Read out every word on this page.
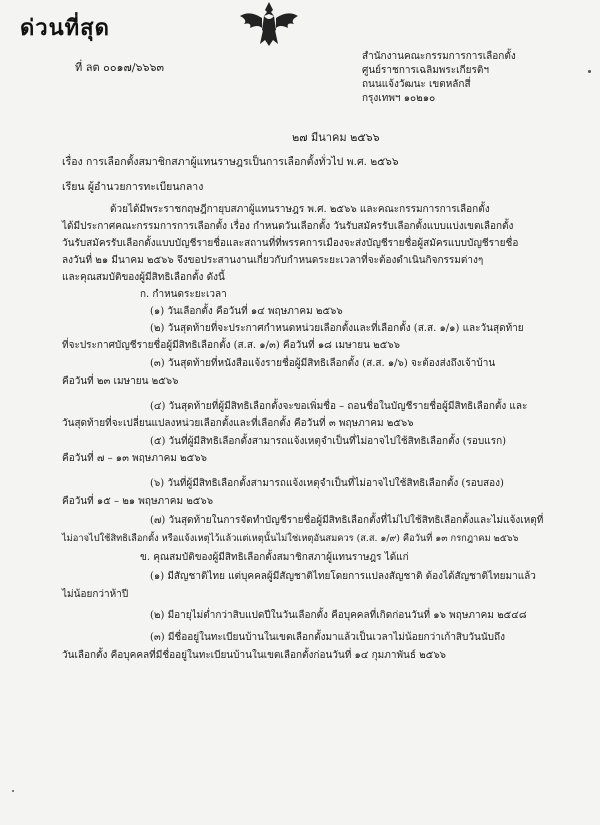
ด่วนที่สุด
ที่ ลต ๐๐๑๗/๖๖๖๓
สำนักงานคณะกรรมการการเลือกตั้ง
ศูนย์ราชการเฉลิมพระเกียรติฯ
ถนนแจ้งวัฒนะ เขตหลักสี่
กรุงเทพฯ ๑๐๒๑๐
๒๗ มีนาคม ๒๕๖๖
เรื่อง การเลือกตั้งสมาชิกสภาผู้แทนราษฎรเป็นการเลือกตั้งทั่วไป พ.ศ. ๒๕๖๖
เรียน ผู้อำนวยการทะเบียนกลาง
ด้วยได้มีพระราชกฤษฎีกายุบสภาผู้แทนราษฎร พ.ศ. ๒๕๖๖ และคณะกรรมการการเลือกตั้ง
ได้มีประกาศคณะกรรมการการเลือกตั้ง เรื่อง กำหนดวันเลือกตั้ง วันรับสมัครรับเลือกตั้งแบบแบ่งเขตเลือกตั้ง
วันรับสมัครรับเลือกตั้งแบบบัญชีรายชื่อและสถานที่ที่พรรคการเมืองจะส่งบัญชีรายชื่อผู้สมัครแบบบัญชีรายชื่อ
ลงวันที่ ๒๑ มีนาคม ๒๕๖๖ จึงขอประสานงานเกี่ยวกับกำหนดระยะเวลาที่จะต้องดำเนินกิจกรรมต่างๆ
และคุณสมบัติของผู้มีสิทธิเลือกตั้ง ดังนี้
ก. กำหนดระยะเวลา
(๑) วันเลือกตั้ง คือวันที่ ๑๔ พฤษภาคม ๒๕๖๖
(๒) วันสุดท้ายที่จะประกาศกำหนดหน่วยเลือกตั้งและที่เลือกตั้ง (ส.ส. ๑/๑) และวันสุดท้าย
ที่จะประกาศบัญชีรายชื่อผู้มีสิทธิเลือกตั้ง (ส.ส. ๑/๓) คือวันที่ ๑๘ เมษายน ๒๕๖๖
(๓) วันสุดท้ายที่หนังสือแจ้งรายชื่อผู้มีสิทธิเลือกตั้ง (ส.ส. ๑/๖) จะต้องส่งถึงเจ้าบ้าน
คือวันที่ ๒๓ เมษายน ๒๕๖๖
(๔) วันสุดท้ายที่ผู้มีสิทธิเลือกตั้งจะขอเพิ่มชื่อ – ถอนชื่อในบัญชีรายชื่อผู้มีสิทธิเลือกตั้ง และ
วันสุดท้ายที่จะเปลี่ยนแปลงหน่วยเลือกตั้งและที่เลือกตั้ง คือวันที่ ๓ พฤษภาคม ๒๕๖๖
(๕) วันที่ผู้มีสิทธิเลือกตั้งสามารถแจ้งเหตุจำเป็นที่ไม่อาจไปใช้สิทธิเลือกตั้ง (รอบแรก)
คือวันที่ ๗ – ๑๓ พฤษภาคม ๒๕๖๖
(๖) วันที่ผู้มีสิทธิเลือกตั้งสามารถแจ้งเหตุจำเป็นที่ไม่อาจไปใช้สิทธิเลือกตั้ง (รอบสอง)
คือวันที่ ๑๕ – ๒๑ พฤษภาคม ๒๕๖๖
(๗) วันสุดท้ายในการจัดทำบัญชีรายชื่อผู้มีสิทธิเลือกตั้งที่ไม่ไปใช้สิทธิเลือกตั้งและไม่แจ้งเหตุที่
ไม่อาจไปใช้สิทธิเลือกตั้ง หรือแจ้งเหตุไว้แล้วแต่เหตุนั้นไม่ใช่เหตุอันสมควร (ส.ส. ๑/๙) คือวันที่ ๑๓ กรกฎาคม ๒๕๖๖
ข. คุณสมบัติของผู้มีสิทธิเลือกตั้งสมาชิกสภาผู้แทนราษฎร ได้แก่
(๑) มีสัญชาติไทย แต่บุคคลผู้มีสัญชาติไทยโดยการแปลงสัญชาติ ต้องได้สัญชาติไทยมาแล้ว
ไม่น้อยกว่าห้าปี
(๒) มีอายุไม่ต่ำกว่าสิบแปดปีในวันเลือกตั้ง คือบุคคลที่เกิดก่อนวันที่ ๑๖ พฤษภาคม ๒๕๔๘
(๓) มีชื่ออยู่ในทะเบียนบ้านในเขตเลือกตั้งมาแล้วเป็นเวลาไม่น้อยกว่าเก้าสิบวันนับถึง
วันเลือกตั้ง คือบุคคลที่มีชื่ออยู่ในทะเบียนบ้านในเขตเลือกตั้งก่อนวันที่ ๑๔ กุมภาพันธ์ ๒๕๖๖
